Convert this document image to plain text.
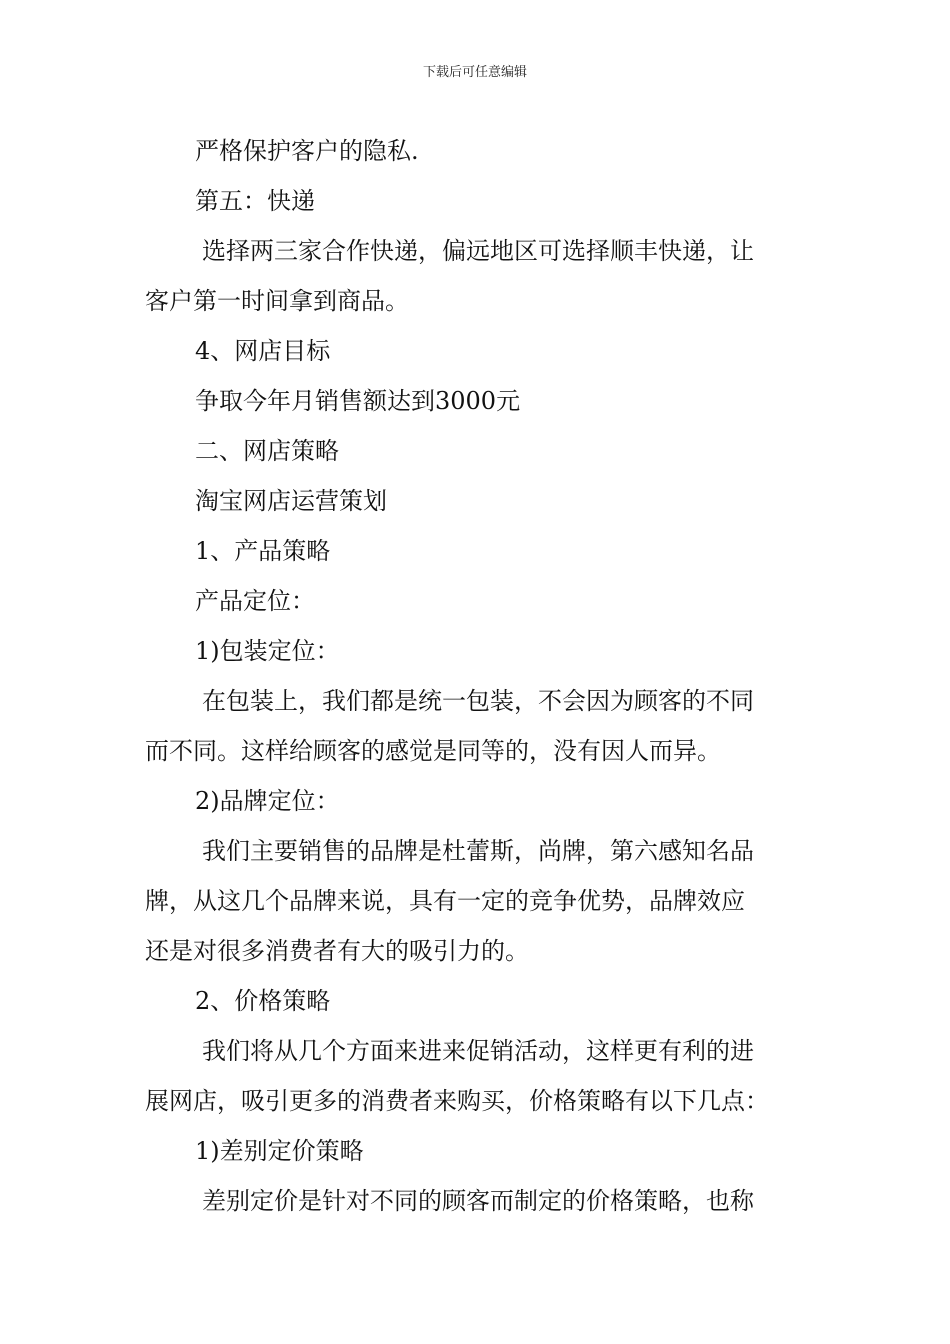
下载后可任意编辑
严格保护客户的隐私.
第五：快递
选择两三家合作快递，偏远地区可选择顺丰快递，让
客户第一时间拿到商品。
4、网店目标
争取今年月销售额达到3000元
二、网店策略
淘宝网店运营策划
1、产品策略
产品定位：
1)包装定位：
在包装上，我们都是统一包装，不会因为顾客的不同
而不同。这样给顾客的感觉是同等的，没有因人而异。
2)品牌定位：
我们主要销售的品牌是杜蕾斯，尚牌，第六感知名品
牌，从这几个品牌来说，具有一定的竞争优势，品牌效应
还是对很多消费者有大的吸引力的。
2、价格策略
我们将从几个方面来进来促销活动，这样更有利的进
展网店，吸引更多的消费者来购买，价格策略有以下几点：
1)差别定价策略
差别定价是针对不同的顾客而制定的价格策略，也称
